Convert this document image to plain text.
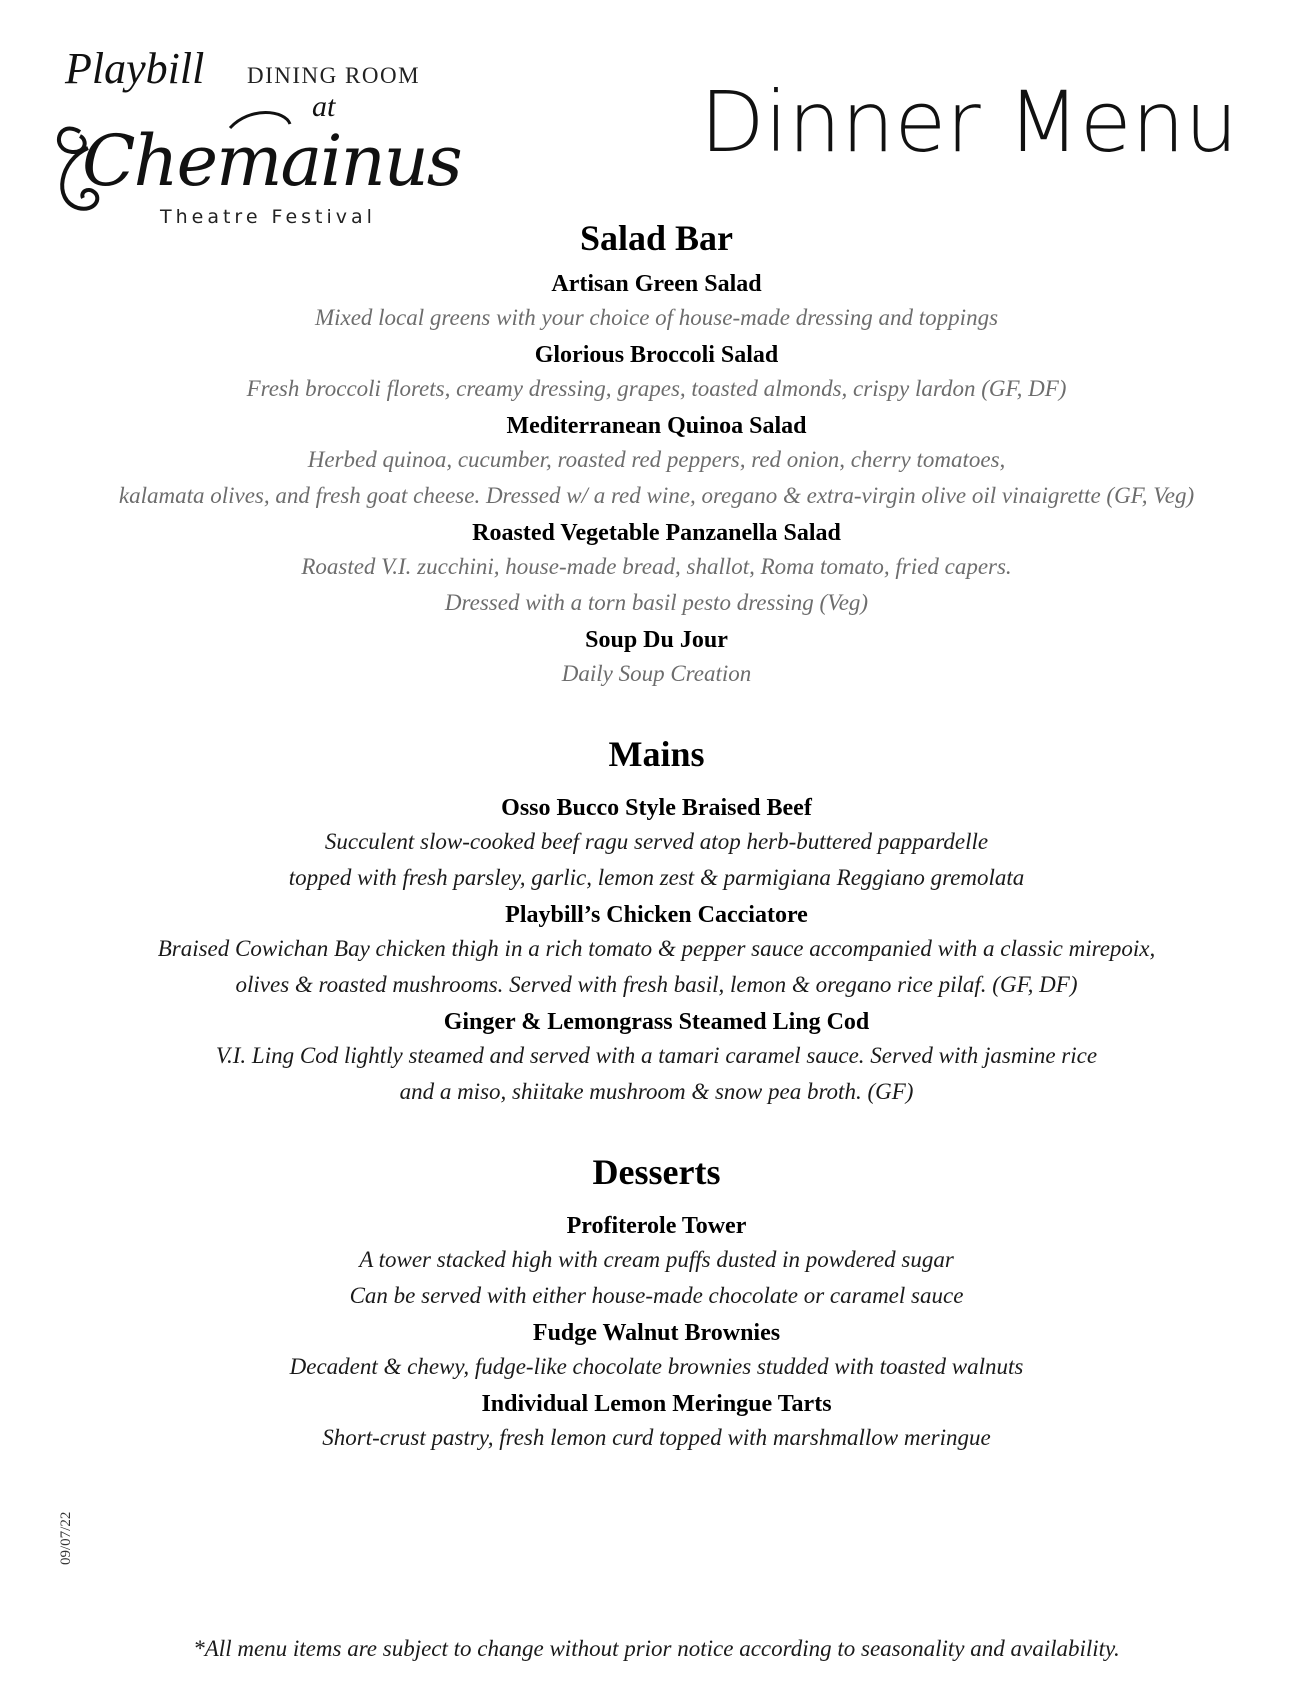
Playbill DINING ROOM
at
Chemainus
Theatre Festival
Dinner Menu
Salad Bar
Artisan Green Salad
Mixed local greens with your choice of house-made dressing and toppings
Glorious Broccoli Salad
Fresh broccoli florets, creamy dressing, grapes, toasted almonds, crispy lardon (GF, DF)
Mediterranean Quinoa Salad
Herbed quinoa, cucumber, roasted red peppers, red onion, cherry tomatoes,
kalamata olives, and fresh goat cheese. Dressed w/ a red wine, oregano & extra-virgin olive oil vinaigrette (GF, Veg)
Roasted Vegetable Panzanella Salad
Roasted V.I. zucchini, house-made bread, shallot, Roma tomato, fried capers.
Dressed with a torn basil pesto dressing (Veg)
Soup Du Jour
Daily Soup Creation
Mains
Osso Bucco Style Braised Beef
Succulent slow-cooked beef ragu served atop herb-buttered pappardelle
topped with fresh parsley, garlic, lemon zest & parmigiana Reggiano gremolata
Playbill’s Chicken Cacciatore
Braised Cowichan Bay chicken thigh in a rich tomato & pepper sauce accompanied with a classic mirepoix,
olives & roasted mushrooms. Served with fresh basil, lemon & oregano rice pilaf. (GF, DF)
Ginger & Lemongrass Steamed Ling Cod
V.I. Ling Cod lightly steamed and served with a tamari caramel sauce. Served with jasmine rice
and a miso, shiitake mushroom & snow pea broth. (GF)
Desserts
Profiterole Tower
A tower stacked high with cream puffs dusted in powdered sugar
Can be served with either house-made chocolate or caramel sauce
Fudge Walnut Brownies
Decadent & chewy, fudge-like chocolate brownies studded with toasted walnuts
Individual Lemon Meringue Tarts
Short-crust pastry, fresh lemon curd topped with marshmallow meringue
09/07/22
*All menu items are subject to change without prior notice according to seasonality and availability.
